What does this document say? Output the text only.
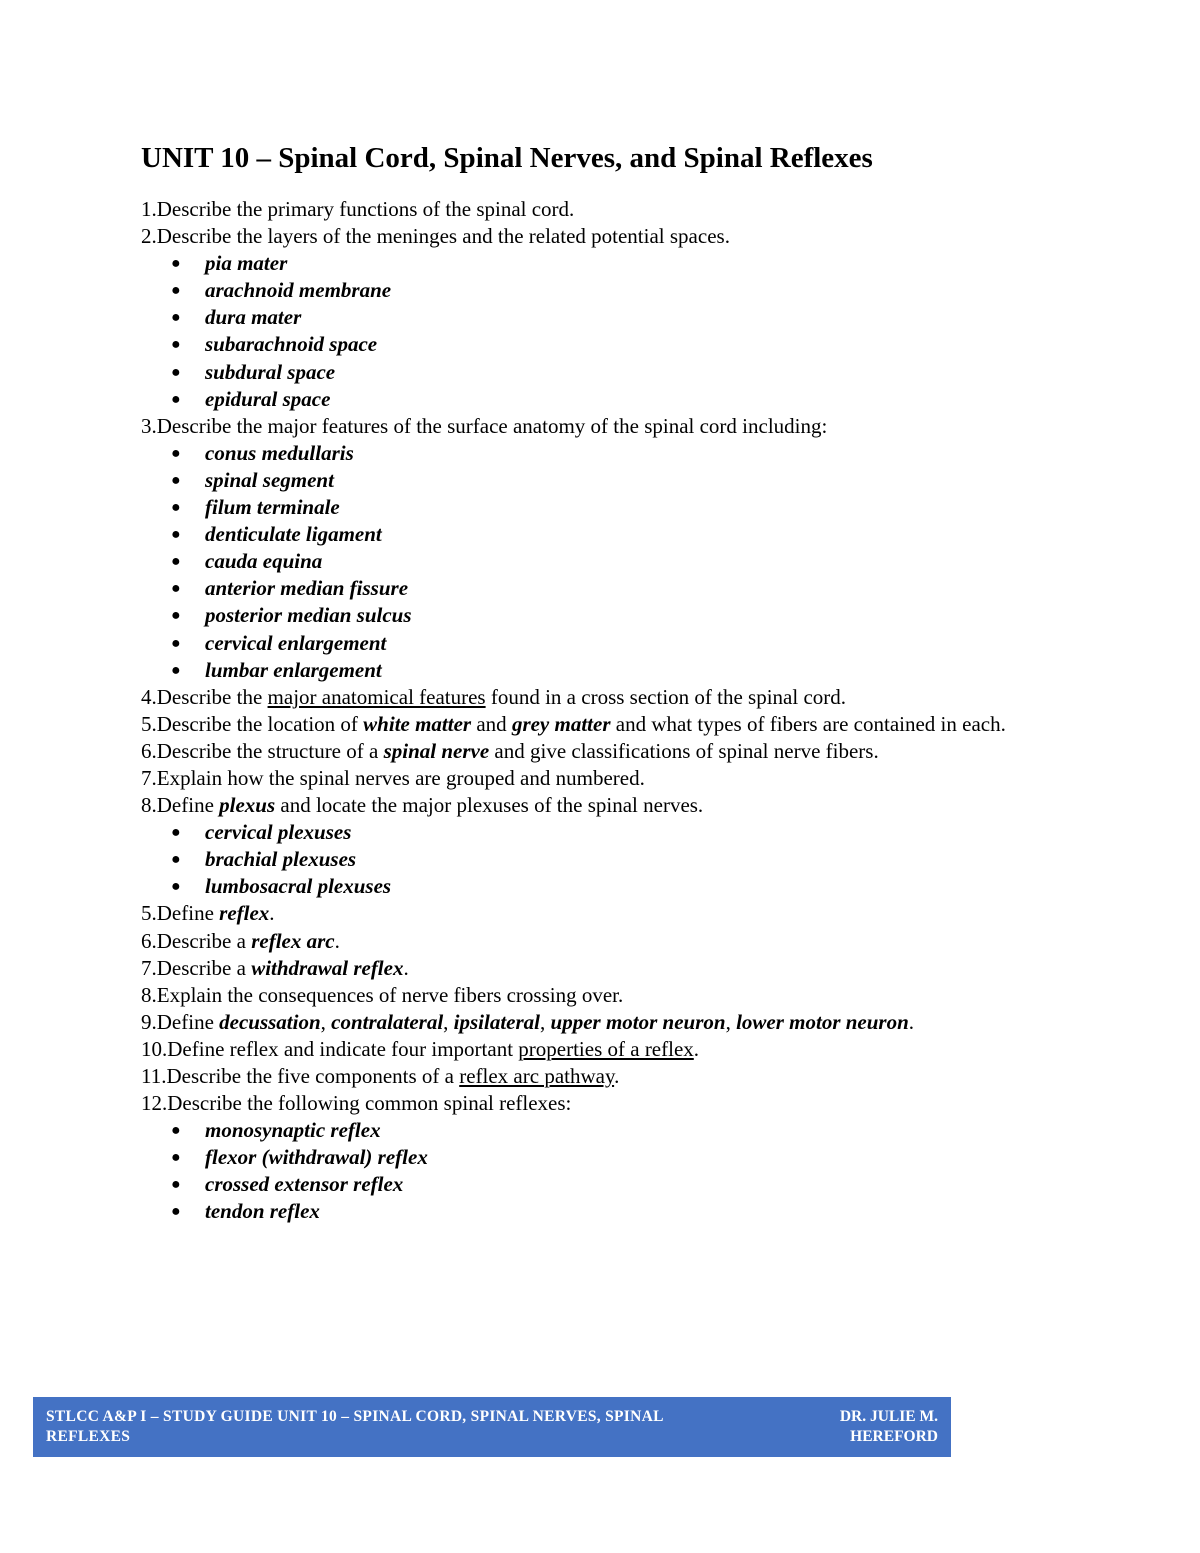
UNIT 10 – Spinal Cord, Spinal Nerves, and Spinal Reflexes
1. Describe the primary functions of the spinal cord.
2. Describe the layers of the meninges and the related potential spaces.
●	pia mater
●	arachnoid membrane
●	dura mater
●	subarachnoid space
●	subdural space
●	epidural space
3. Describe the major features of the surface anatomy of the spinal cord including:
●	conus medullaris
●	spinal segment
●	filum terminale
●	denticulate ligament
●	cauda equina
●	anterior median fissure
●	posterior median sulcus
●	cervical enlargement
●	lumbar enlargement
4. Describe the major anatomical features found in a cross section of the spinal cord.
5. Describe the location of white matter and grey matter and what types of fibers are contained in each.
6. Describe the structure of a spinal nerve and give classifications of spinal nerve fibers.
7. Explain how the spinal nerves are grouped and numbered.
8. Define plexus and locate the major plexuses of the spinal nerves.
●	cervical plexuses
●	brachial plexuses
●	lumbosacral plexuses
5. Define reflex.
6. Describe a reflex arc.
7. Describe a withdrawal reflex.
8. Explain the consequences of nerve fibers crossing over.
9. Define decussation, contralateral, ipsilateral, upper motor neuron, lower motor neuron.
10. Define reflex and indicate four important properties of a reflex.
11. Describe the five components of a reflex arc pathway.
12. Describe the following common spinal reflexes:
●	monosynaptic reflex
●	flexor (withdrawal) reflex
●	crossed extensor reflex
●	tendon reflex
STLCC A&P I – STUDY GUIDE UNIT 10 – SPINAL CORD, SPINAL NERVES, SPINAL REFLEXES
DR. JULIE M. HEREFORD
